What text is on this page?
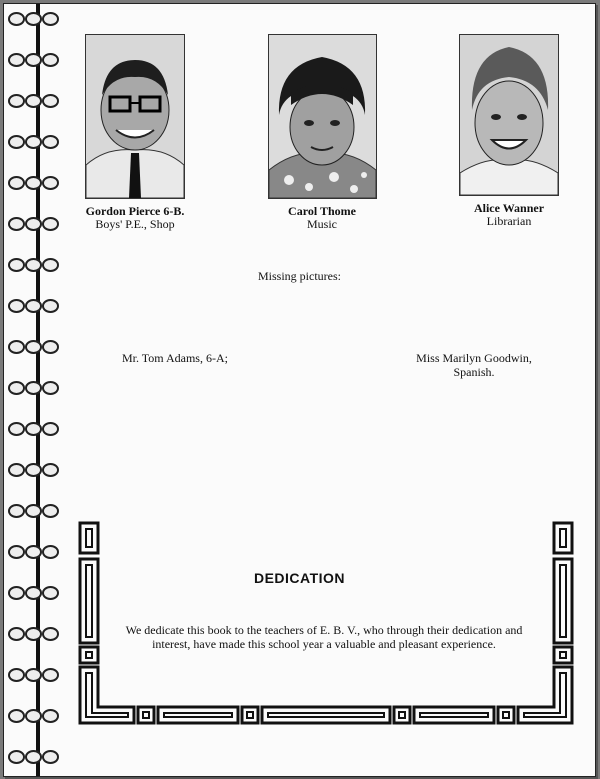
Gordon Pierce 6-B.
Boys' P.E., Shop
Carol Thome
Music
Alice Wanner
Librarian
Missing pictures:
Mr. Tom Adams, 6-A;	Miss Marilyn Goodwin,
Spanish.
DEDICATION
We dedicate this book to the teachers of E. B. V., who through their dedication and interest, have made this school year a valuable and pleasant experience.
